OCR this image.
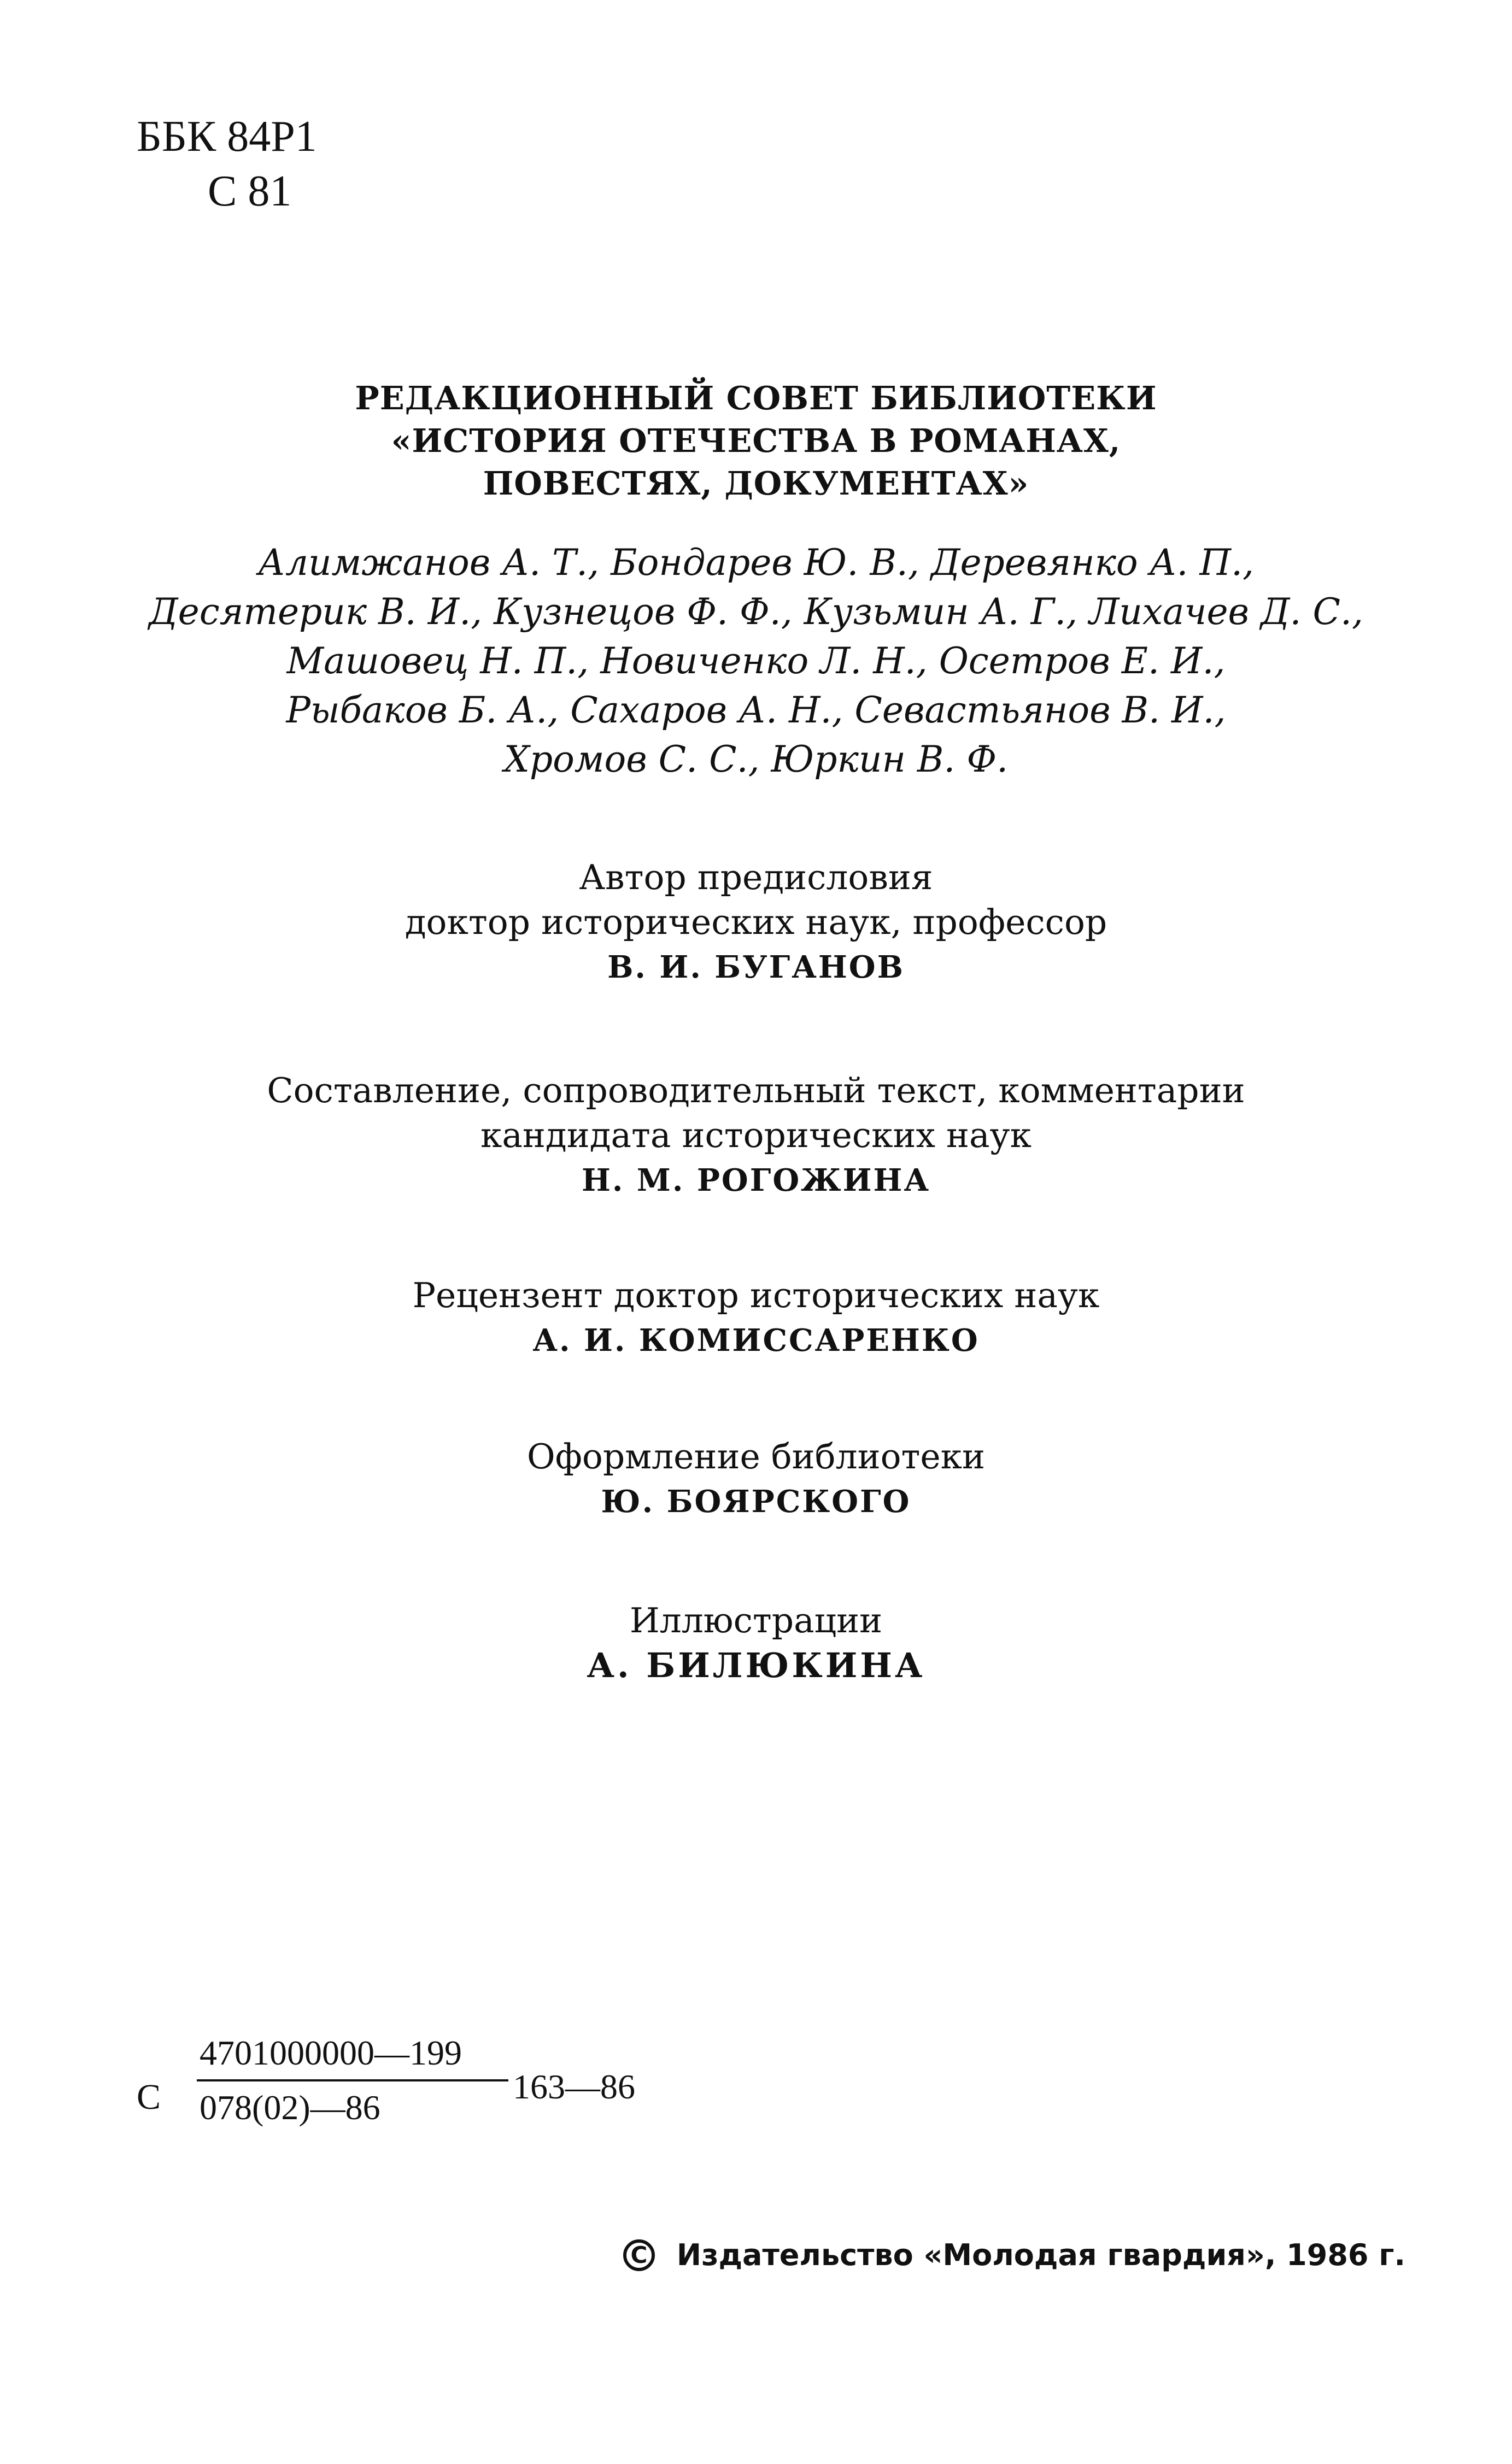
ББК 84Р1
С 81
РЕДАКЦИОННЫЙ СОВЕТ БИБЛИОТЕКИ
«ИСТОРИЯ ОТЕЧЕСТВА В РОМАНАХ,
ПОВЕСТЯХ, ДОКУМЕНТАХ»
Алимжанов А. Т., Бондарев Ю. В., Деревянко А. П.,
Десятерик В. И., Кузнецов Ф. Ф., Кузьмин А. Г., Лихачев Д. С.,
Машовец Н. П., Новиченко Л. Н., Осетров Е. И.,
Рыбаков Б. А., Сахаров А. Н., Севастьянов В. И.,
Хромов С. С., Юркин В. Ф.
Автор предисловия
доктор исторических наук, профессор
В. И. БУГАНОВ
Составление, сопроводительный текст, комментарии
кандидата исторических наук
Н. М. РОГОЖИНА
Рецензент доктор исторических наук
А. И. КОМИССАРЕНКО
Оформление библиотеки
Ю. БОЯРСКОГО
Иллюстрации
А. БИЛЮКИНА
С
4701000000—199
078(02)—86
163—86
C Издательство «Молодая гвардия», 1986 г.
